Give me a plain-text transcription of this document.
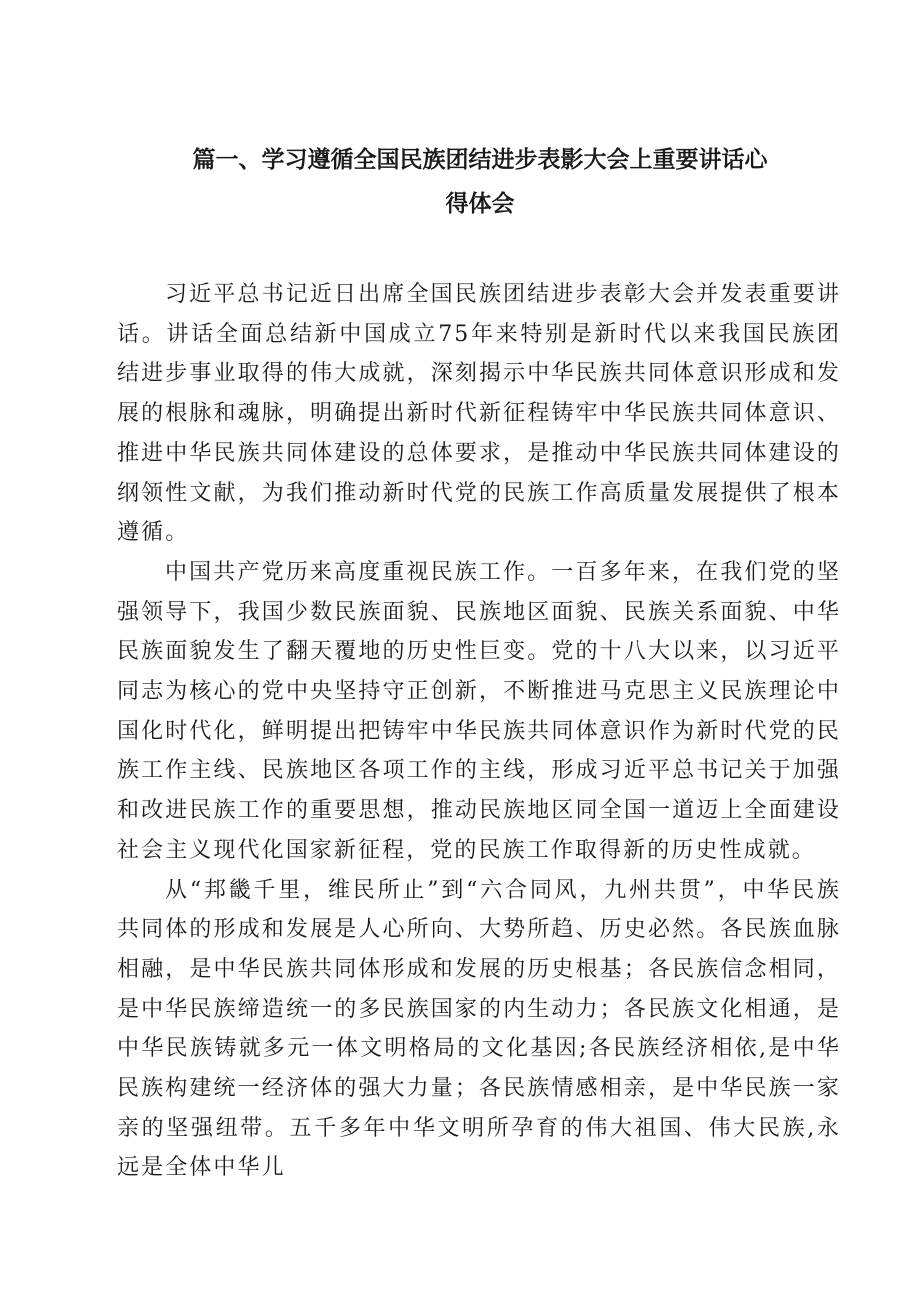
篇一、学习遵循全国民族团结进步表影大会上重要讲话心
得体会

习近平总书记近日出席全国民族团结进步表彰大会并发表重要讲话。讲话全面总结新中国成立75年来特别是新时代以来我国民族团结进步事业取得的伟大成就，深刻揭示中华民族共同体意识形成和发展的根脉和魂脉，明确提出新时代新征程铸牢中华民族共同体意识、推进中华民族共同体建设的总体要求，是推动中华民族共同体建设的纲领性文献，为我们推动新时代党的民族工作高质量发展提供了根本遵循。

中国共产党历来高度重视民族工作。一百多年来，在我们党的坚强领导下，我国少数民族面貌、民族地区面貌、民族关系面貌、中华民族面貌发生了翻天覆地的历史性巨变。党的十八大以来，以习近平同志为核心的党中央坚持守正创新，不断推进马克思主义民族理论中国化时代化，鲜明提出把铸牢中华民族共同体意识作为新时代党的民族工作主线、民族地区各项工作的主线，形成习近平总书记关于加强和改进民族工作的重要思想，推动民族地区同全国一道迈上全面建设社会主义现代化国家新征程，党的民族工作取得新的历史性成就。

从“邦畿千里，维民所止”到“六合同风，九州共贯”，中华民族共同体的形成和发展是人心所向、大势所趋、历史必然。各民族血脉相融，是中华民族共同体形成和发展的历史根基；各民族信念相同，是中华民族缔造统一的多民族国家的内生动力；各民族文化相通，是中华民族铸就多元一体文明格局的文化基因;各民族经济相依,是中华民族构建统一经济体的强大力量；各民族情感相亲，是中华民族一家亲的坚强纽带。五千多年中华文明所孕育的伟大祖国、伟大民族,永远是全体中华儿
